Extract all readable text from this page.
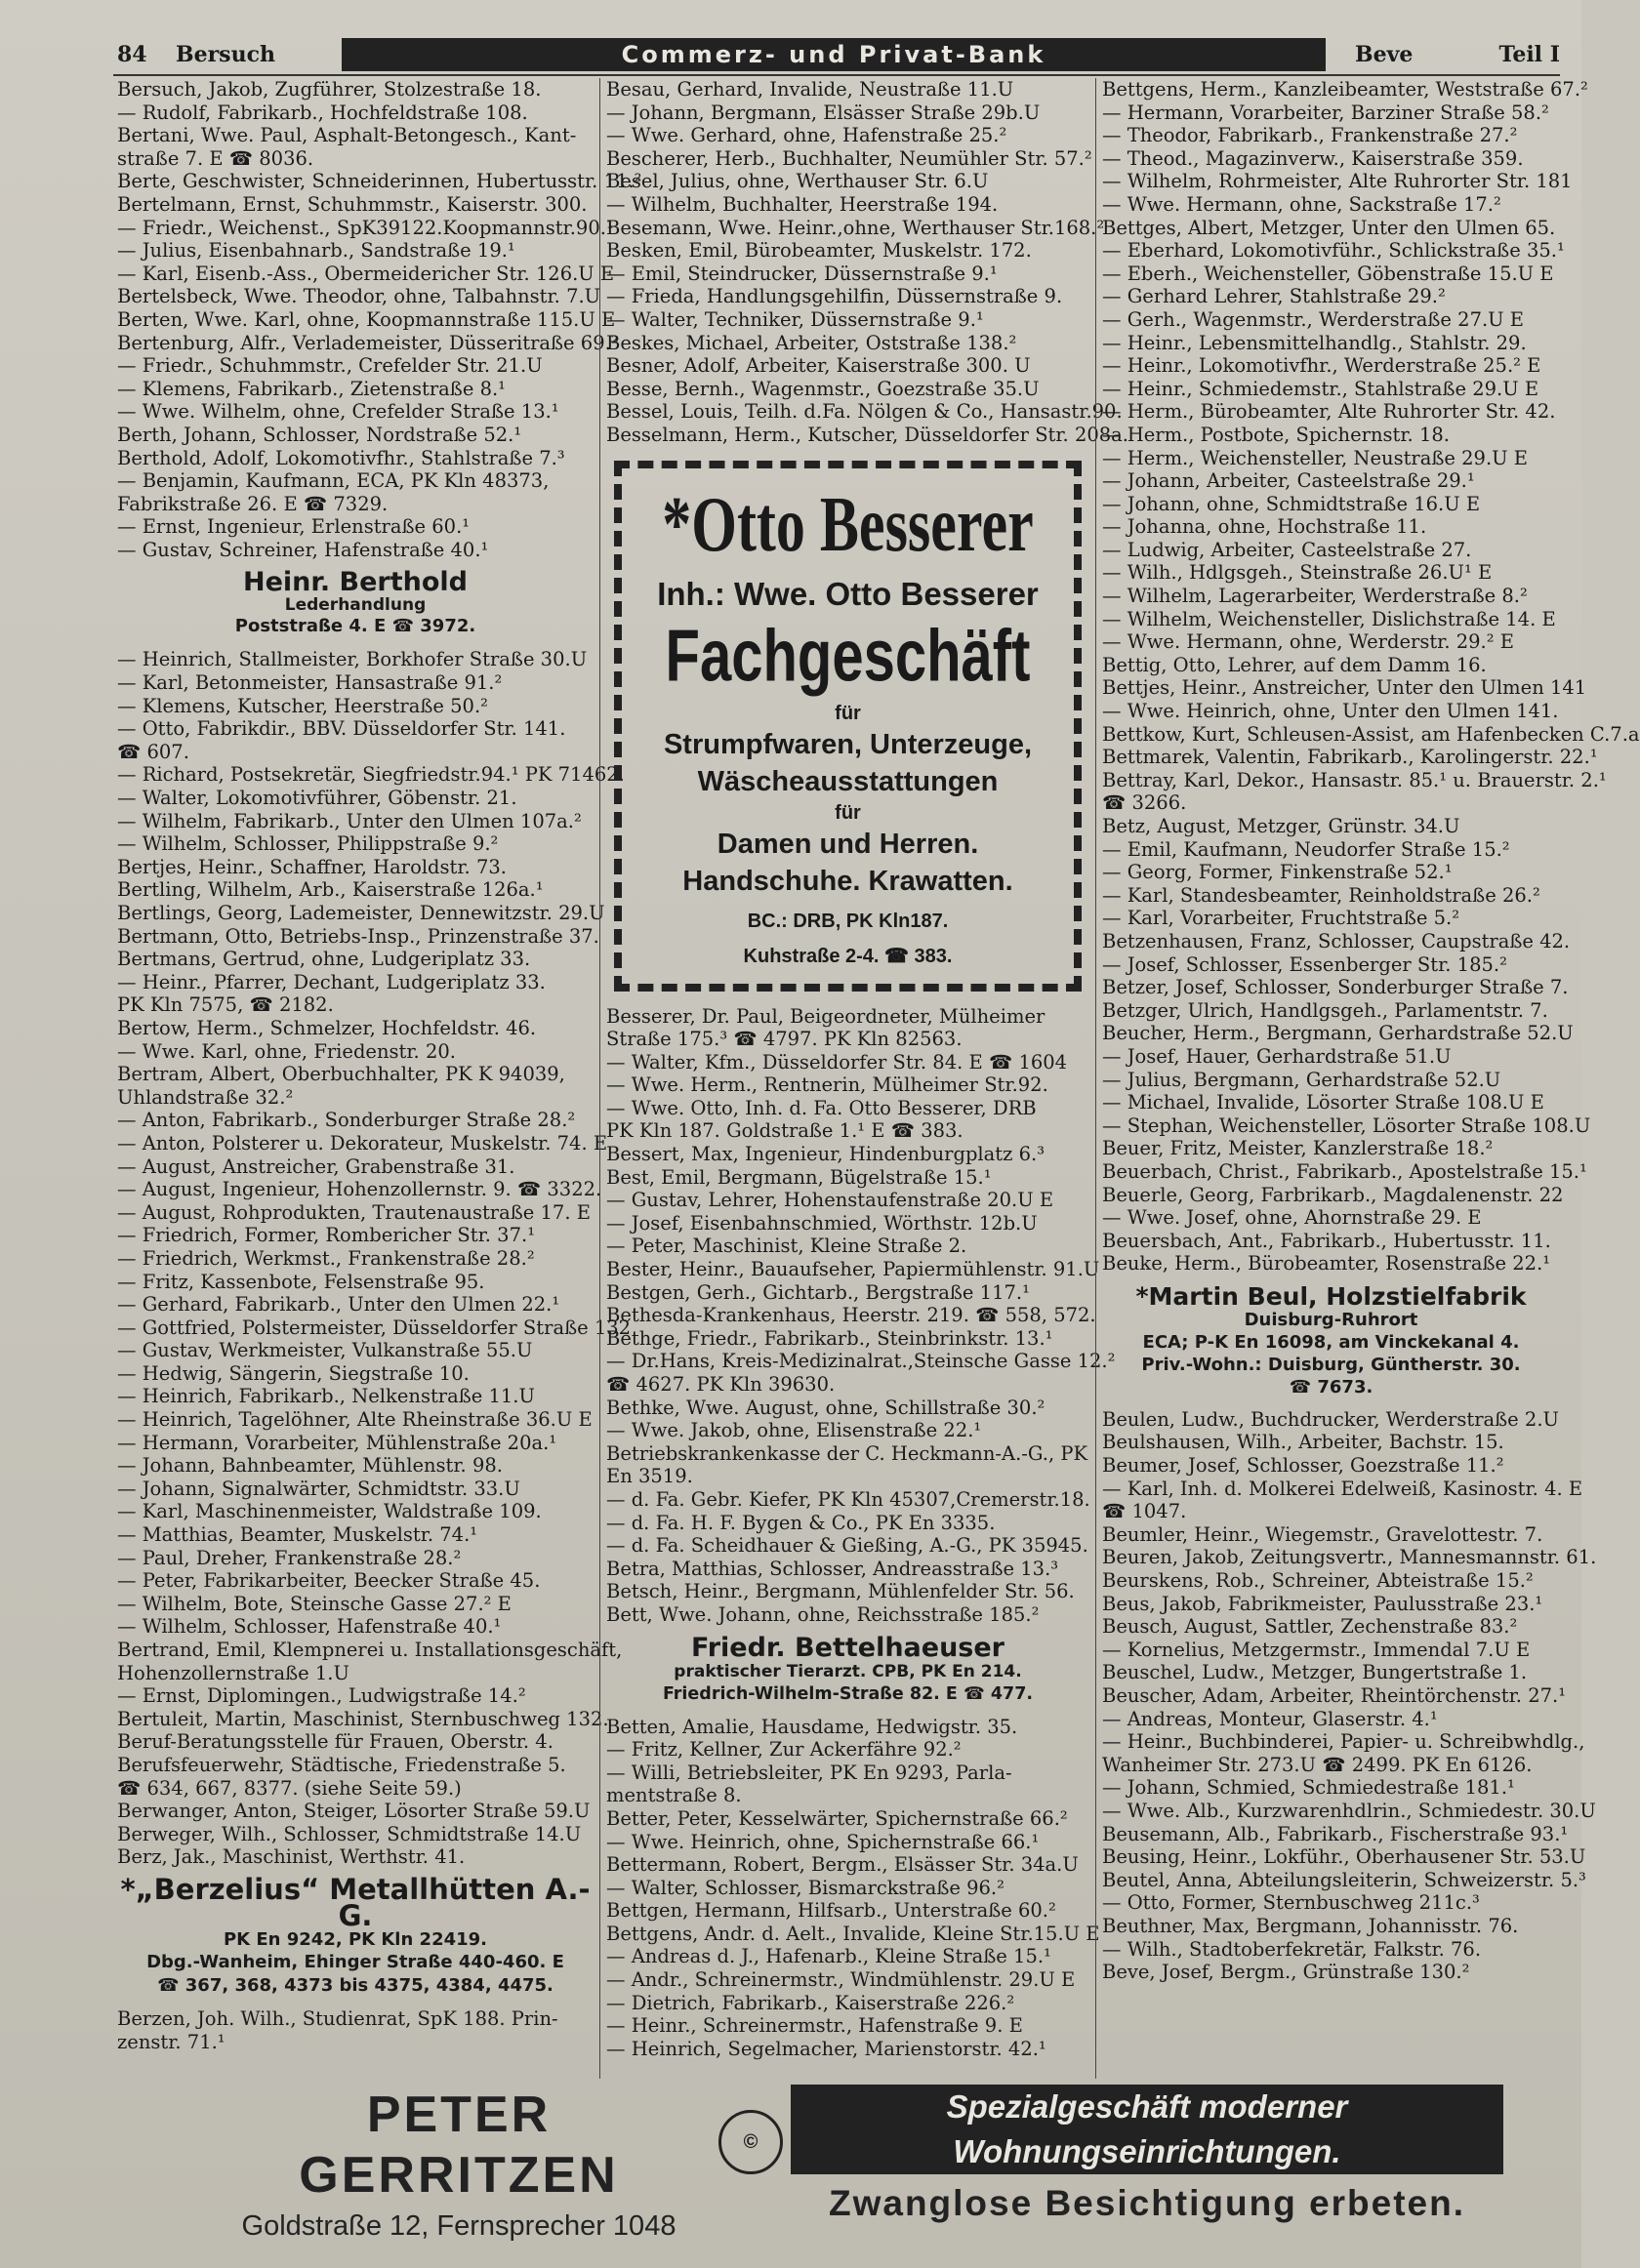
84	Bersuch	Commerz- und Privat-Bank	Beve	Teil I

Bersuch, Jakob, Zugführer, Stolzestraße 18.

— Rudolf, Fabrikarb., Hochfeldstraße 108.

Bertani, Wwe. Paul, Asphalt-Betongesch., Kant-

straße 7. E ☎ 8036.

Berte, Geschwister, Schneiderinnen, Hubertusstr. 11.²

Bertelmann, Ernst, Schuhmmstr., Kaiserstr. 300.

— Friedr., Weichenst., SpK39122.Koopmannstr.90.¹

— Julius, Eisenbahnarb., Sandstraße 19.¹

— Karl, Eisenb.-Ass., Obermeidericher Str. 126.U E

Bertelsbeck, Wwe. Theodor, ohne, Talbahnstr. 7.U

Berten, Wwe. Karl, ohne, Koopmannstraße 115.U E

Bertenburg, Alfr., Verlademeister, Düsseritraße 69.²

— Friedr., Schuhmmstr., Crefelder Str. 21.U

— Klemens, Fabrikarb., Zietenstraße 8.¹

— Wwe. Wilhelm, ohne, Crefelder Straße 13.¹

Berth, Johann, Schlosser, Nordstraße 52.¹

Berthold, Adolf, Lokomotivfhr., Stahlstraße 7.³

— Benjamin, Kaufmann, ECA, PK Kln 48373,

Fabrikstraße 26. E ☎ 7329.

— Ernst, Ingenieur, Erlenstraße 60.¹

— Gustav, Schreiner, Hafenstraße 40.¹

Heinr. Berthold

Lederhandlung

Poststraße 4. E ☎ 3972.

— Heinrich, Stallmeister, Borkhofer Straße 30.U

— Karl, Betonmeister, Hansastraße 91.²

— Klemens, Kutscher, Heerstraße 50.²

— Otto, Fabrikdir., BBV. Düsseldorfer Str. 141.

☎ 607.

— Richard, Postsekretär, Siegfriedstr.94.¹ PK 71462.

— Walter, Lokomotivführer, Göbenstr. 21.

— Wilhelm, Fabrikarb., Unter den Ulmen 107a.²

— Wilhelm, Schlosser, Philippstraße 9.²

Bertjes, Heinr., Schaffner, Haroldstr. 73.

Bertling, Wilhelm, Arb., Kaiserstraße 126a.¹

Bertlings, Georg, Lademeister, Dennewitzstr. 29.U

Bertmann, Otto, Betriebs-Insp., Prinzenstraße 37.

Bertmans, Gertrud, ohne, Ludgeriplatz 33.

— Heinr., Pfarrer, Dechant, Ludgeriplatz 33.

PK Kln 7575, ☎ 2182.

Bertow, Herm., Schmelzer, Hochfeldstr. 46.

— Wwe. Karl, ohne, Friedenstr. 20.

Bertram, Albert, Oberbuchhalter, PK K 94039,

Uhlandstraße 32.²

— Anton, Fabrikarb., Sonderburger Straße 28.²

— Anton, Polsterer u. Dekorateur, Muskelstr. 74. E

— August, Anstreicher, Grabenstraße 31.

— August, Ingenieur, Hohenzollernstr. 9. ☎ 3322.

— August, Rohprodukten, Trautenaustraße 17. E

— Friedrich, Former, Rombericher Str. 37.¹

— Friedrich, Werkmst., Frankenstraße 28.²

— Fritz, Kassenbote, Felsenstraße 95.

— Gerhard, Fabrikarb., Unter den Ulmen 22.¹

— Gottfried, Polstermeister, Düsseldorfer Straße 132

— Gustav, Werkmeister, Vulkanstraße 55.U

— Hedwig, Sängerin, Siegstraße 10.

— Heinrich, Fabrikarb., Nelkenstraße 11.U

— Heinrich, Tagelöhner, Alte Rheinstraße 36.U E

— Hermann, Vorarbeiter, Mühlenstraße 20a.¹

— Johann, Bahnbeamter, Mühlenstr. 98.

— Johann, Signalwärter, Schmidtstr. 33.U

— Karl, Maschinenmeister, Waldstraße 109.

— Matthias, Beamter, Muskelstr. 74.¹

— Paul, Dreher, Frankenstraße 28.²

— Peter, Fabrikarbeiter, Beecker Straße 45.

— Wilhelm, Bote, Steinsche Gasse 27.² E

— Wilhelm, Schlosser, Hafenstraße 40.¹

Bertrand, Emil, Klempnerei u. Installationsgeschäft,

Hohenzollernstraße 1.U

— Ernst, Diplomingen., Ludwigstraße 14.²

Bertuleit, Martin, Maschinist, Sternbuschweg 132.

Beruf-Beratungsstelle für Frauen, Oberstr. 4.

Berufsfeuerwehr, Städtische, Friedenstraße 5.

☎ 634, 667, 8377. (siehe Seite 59.)

Berwanger, Anton, Steiger, Lösorter Straße 59.U

Berweger, Wilh., Schlosser, Schmidtstraße 14.U

Berz, Jak., Maschinist, Werthstr. 41.

*„Berzelius“ Metallhütten A.-G.

PK En 9242, PK Kln 22419.

Dbg.-Wanheim, Ehinger Straße 440-460. E

☎ 367, 368, 4373 bis 4375, 4384, 4475.

Berzen, Joh. Wilh., Studienrat, SpK 188. Prin-

zenstr. 71.¹

Besau, Gerhard, Invalide, Neustraße 11.U

— Johann, Bergmann, Elsässer Straße 29b.U

— Wwe. Gerhard, ohne, Hafenstraße 25.²

Bescherer, Herb., Buchhalter, Neumühler Str. 57.²

Besel, Julius, ohne, Werthauser Str. 6.U

— Wilhelm, Buchhalter, Heerstraße 194.

Besemann, Wwe. Heinr.,ohne, Werthauser Str.168.²

Besken, Emil, Bürobeamter, Muskelstr. 172.

— Emil, Steindrucker, Düssernstraße 9.¹

— Frieda, Handlungsgehilfin, Düssernstraße 9.

— Walter, Techniker, Düssernstraße 9.¹

Beskes, Michael, Arbeiter, Oststraße 138.²

Besner, Adolf, Arbeiter, Kaiserstraße 300. U

Besse, Bernh., Wagenmstr., Goezstraße 35.U

Bessel, Louis, Teilh. d.Fa. Nölgen & Co., Hansastr.90.

Besselmann, Herm., Kutscher, Düsseldorfer Str. 208a.

*Otto Besserer
Inh.: Wwe. Otto Besserer
Fachgeschäft
für
Strumpfwaren, Unterzeuge,
Wäscheausstattungen
für
Damen und Herren.
Handschuhe. Krawatten.
BC.: DRB, PK Kln187.
Kuhstraße 2-4. ☎ 383.

Besserer, Dr. Paul, Beigeordneter, Mülheimer

Straße 175.³ ☎ 4797. PK Kln 82563.

— Walter, Kfm., Düsseldorfer Str. 84. E ☎ 1604

— Wwe. Herm., Rentnerin, Mülheimer Str.92.

— Wwe. Otto, Inh. d. Fa. Otto Besserer, DRB

PK Kln 187. Goldstraße 1.¹ E ☎ 383.

Bessert, Max, Ingenieur, Hindenburgplatz 6.³

Best, Emil, Bergmann, Bügelstraße 15.¹

— Gustav, Lehrer, Hohenstaufenstraße 20.U E

— Josef, Eisenbahnschmied, Wörthstr. 12b.U

— Peter, Maschinist, Kleine Straße 2.

Bester, Heinr., Bauaufseher, Papiermühlenstr. 91.U

Bestgen, Gerh., Gichtarb., Bergstraße 117.¹

Bethesda-Krankenhaus, Heerstr. 219. ☎ 558, 572.

Bethge, Friedr., Fabrikarb., Steinbrinkstr. 13.¹

— Dr.Hans, Kreis-Medizinalrat.,Steinsche Gasse 12.²

☎ 4627. PK Kln 39630.

Bethke, Wwe. August, ohne, Schillstraße 30.²

— Wwe. Jakob, ohne, Elisenstraße 22.¹

Betriebskrankenkasse der C. Heckmann-A.-G., PK

En 3519.

— d. Fa. Gebr. Kiefer, PK Kln 45307,Cremerstr.18.

— d. Fa. H. F. Bygen & Co., PK En 3335.

— d. Fa. Scheidhauer & Gießing, A.-G., PK 35945.

Betra, Matthias, Schlosser, Andreasstraße 13.³

Betsch, Heinr., Bergmann, Mühlenfelder Str. 56.

Bett, Wwe. Johann, ohne, Reichsstraße 185.²

Friedr. Bettelhaeuser

praktischer Tierarzt. CPB, PK En 214.

Friedrich-Wilhelm-Straße 82. E ☎ 477.

Betten, Amalie, Hausdame, Hedwigstr. 35.

— Fritz, Kellner, Zur Ackerfähre 92.²

— Willi, Betriebsleiter, PK En 9293, Parla-

mentstraße 8.

Better, Peter, Kesselwärter, Spichernstraße 66.²

— Wwe. Heinrich, ohne, Spichernstraße 66.¹

Bettermann, Robert, Bergm., Elsässer Str. 34a.U

— Walter, Schlosser, Bismarckstraße 96.²

Bettgen, Hermann, Hilfsarb., Unterstraße 60.²

Bettgens, Andr. d. Aelt., Invalide, Kleine Str.15.U E

— Andreas d. J., Hafenarb., Kleine Straße 15.¹

— Andr., Schreinermstr., Windmühlenstr. 29.U E

— Dietrich, Fabrikarb., Kaiserstraße 226.²

— Heinr., Schreinermstr., Hafenstraße 9. E

— Heinrich, Segelmacher, Marienstorstr. 42.¹

Bettgens, Herm., Kanzleibeamter, Weststraße 67.²

— Hermann, Vorarbeiter, Barziner Straße 58.²

— Theodor, Fabrikarb., Frankenstraße 27.²

— Theod., Magazinverw., Kaiserstraße 359.

— Wilhelm, Rohrmeister, Alte Ruhrorter Str. 181

— Wwe. Hermann, ohne, Sackstraße 17.²

Bettges, Albert, Metzger, Unter den Ulmen 65.

— Eberhard, Lokomotivführ., Schlickstraße 35.¹

— Eberh., Weichensteller, Göbenstraße 15.U E

— Gerhard Lehrer, Stahlstraße 29.²

— Gerh., Wagenmstr., Werderstraße 27.U E

— Heinr., Lebensmittelhandlg., Stahlstr. 29.

— Heinr., Lokomotivfhr., Werderstraße 25.² E

— Heinr., Schmiedemstr., Stahlstraße 29.U E

— Herm., Bürobeamter, Alte Ruhrorter Str. 42.

— Herm., Postbote, Spichernstr. 18.

— Herm., Weichensteller, Neustraße 29.U E

— Johann, Arbeiter, Casteelstraße 29.¹

— Johann, ohne, Schmidtstraße 16.U E

— Johanna, ohne, Hochstraße 11.

— Ludwig, Arbeiter, Casteelstraße 27.

— Wilh., Hdlgsgeh., Steinstraße 26.U¹ E

— Wilhelm, Lagerarbeiter, Werderstraße 8.²

— Wilhelm, Weichensteller, Dislichstraße 14. E

— Wwe. Hermann, ohne, Werderstr. 29.² E

Bettig, Otto, Lehrer, auf dem Damm 16.

Bettjes, Heinr., Anstreicher, Unter den Ulmen 141

— Wwe. Heinrich, ohne, Unter den Ulmen 141.

Bettkow, Kurt, Schleusen-Assist, am Hafenbecken C.7.a

Bettmarek, Valentin, Fabrikarb., Karolingerstr. 22.¹

Bettray, Karl, Dekor., Hansastr. 85.¹ u. Brauerstr. 2.¹

☎ 3266.

Betz, August, Metzger, Grünstr. 34.U

— Emil, Kaufmann, Neudorfer Straße 15.²

— Georg, Former, Finkenstraße 52.¹

— Karl, Standesbeamter, Reinholdstraße 26.²

— Karl, Vorarbeiter, Fruchtstraße 5.²

Betzenhausen, Franz, Schlosser, Caupstraße 42.

— Josef, Schlosser, Essenberger Str. 185.²

Betzer, Josef, Schlosser, Sonderburger Straße 7.

Betzger, Ulrich, Handlgsgeh., Parlamentstr. 7.

Beucher, Herm., Bergmann, Gerhardstraße 52.U

— Josef, Hauer, Gerhardstraße 51.U

— Julius, Bergmann, Gerhardstraße 52.U

— Michael, Invalide, Lösorter Straße 108.U E

— Stephan, Weichensteller, Lösorter Straße 108.U

Beuer, Fritz, Meister, Kanzlerstraße 18.²

Beuerbach, Christ., Fabrikarb., Apostelstraße 15.¹

Beuerle, Georg, Farbrikarb., Magdalenenstr. 22

— Wwe. Josef, ohne, Ahornstraße 29. E

Beuersbach, Ant., Fabrikarb., Hubertusstr. 11.

Beuke, Herm., Bürobeamter, Rosenstraße 22.¹

*Martin Beul, Holzstielfabrik

Duisburg-Ruhrort

ECA; P-K En 16098, am Vinckekanal 4.

Priv.-Wohn.: Duisburg, Güntherstr. 30.

☎ 7673.

Beulen, Ludw., Buchdrucker, Werderstraße 2.U

Beulshausen, Wilh., Arbeiter, Bachstr. 15.

Beumer, Josef, Schlosser, Goezstraße 11.²

— Karl, Inh. d. Molkerei Edelweiß, Kasinostr. 4. E

☎ 1047.

Beumler, Heinr., Wiegemstr., Gravelottestr. 7.

Beuren, Jakob, Zeitungsvertr., Mannesmannstr. 61.

Beurskens, Rob., Schreiner, Abteistraße 15.²

Beus, Jakob, Fabrikmeister, Paulusstraße 23.¹

Beusch, August, Sattler, Zechenstraße 83.²

— Kornelius, Metzgermstr., Immendal 7.U E

Beuschel, Ludw., Metzger, Bungertstraße 1.

Beuscher, Adam, Arbeiter, Rheintörchenstr. 27.¹

— Andreas, Monteur, Glaserstr. 4.¹

— Heinr., Buchbinderei, Papier- u. Schreibwhdlg.,

Wanheimer Str. 273.U ☎ 2499. PK En 6126.

— Johann, Schmied, Schmiedestraße 181.¹

— Wwe. Alb., Kurzwarenhdlrin., Schmiedestr. 30.U

Beusemann, Alb., Fabrikarb., Fischerstraße 93.¹

Beusing, Heinr., Lokführ., Oberhausener Str. 53.U

Beutel, Anna, Abteilungsleiterin, Schweizerstr. 5.³

— Otto, Former, Sternbuschweg 211c.³

Beuthner, Max, Bergmann, Johannisstr. 76.

— Wilh., Stadtoberfekretär, Falkstr. 76.

Beve, Josef, Bergm., Grünstraße 130.²

PETER GERRITZEN
Goldstraße 12, Fernsprecher 1048
©
Spezialgeschäft moderner Wohnungseinrichtungen.
Zwanglose Besichtigung erbeten.
